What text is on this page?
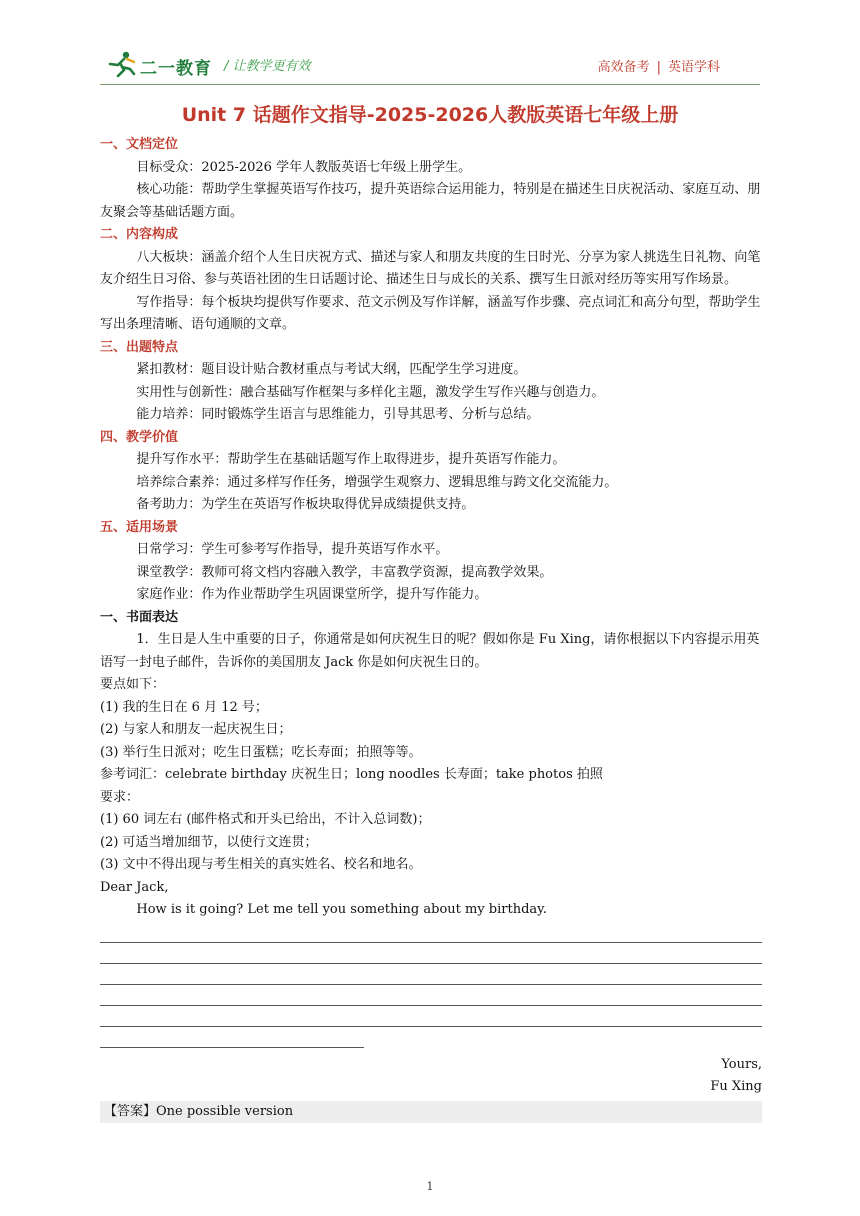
二一教育 / 让教学更有效	高效备考 | 英语学科
Unit 7 话题作文指导-2025-2026人教版英语七年级上册
一、文档定位
目标受众：2025-2026 学年人教版英语七年级上册学生。
核心功能：帮助学生掌握英语写作技巧，提升英语综合运用能力，特别是在描述生日庆祝活动、家庭互动、朋友聚会等基础话题方面。
二、内容构成
八大板块：涵盖介绍个人生日庆祝方式、描述与家人和朋友共度的生日时光、分享为家人挑选生日礼物、向笔友介绍生日习俗、参与英语社团的生日话题讨论、描述生日与成长的关系、撰写生日派对经历等实用写作场景。
写作指导：每个板块均提供写作要求、范文示例及写作详解，涵盖写作步骤、亮点词汇和高分句型，帮助学生写出条理清晰、语句通顺的文章。
三、出题特点
紧扣教材：题目设计贴合教材重点与考试大纲，匹配学生学习进度。
实用性与创新性：融合基础写作框架与多样化主题，激发学生写作兴趣与创造力。
能力培养：同时锻炼学生语言与思维能力，引导其思考、分析与总结。
四、教学价值
提升写作水平：帮助学生在基础话题写作上取得进步，提升英语写作能力。
培养综合素养：通过多样写作任务，增强学生观察力、逻辑思维与跨文化交流能力。
备考助力：为学生在英语写作板块取得优异成绩提供支持。
五、适用场景
日常学习：学生可参考写作指导，提升英语写作水平。
课堂教学：教师可将文档内容融入教学，丰富教学资源，提高教学效果。
家庭作业：作为作业帮助学生巩固课堂所学，提升写作能力。
一、书面表达
1．生日是人生中重要的日子，你通常是如何庆祝生日的呢？假如你是 Fu Xing，请你根据以下内容提示用英语写一封电子邮件，告诉你的美国朋友 Jack 你是如何庆祝生日的。
要点如下：
(1) 我的生日在 6 月 12 号；
(2) 与家人和朋友一起庆祝生日；
(3) 举行生日派对；吃生日蛋糕；吃长寿面；拍照等等。
参考词汇：celebrate birthday 庆祝生日；long noodles 长寿面；take photos 拍照
要求：
(1) 60 词左右 (邮件格式和开头已给出，不计入总词数)；
(2) 可适当增加细节，以使行文连贯；
(3) 文中不得出现与考生相关的真实姓名、校名和地名。
Dear Jack,
How is it going? Let me tell you something about my birthday.
Yours,
Fu Xing
【答案】One possible version
1
